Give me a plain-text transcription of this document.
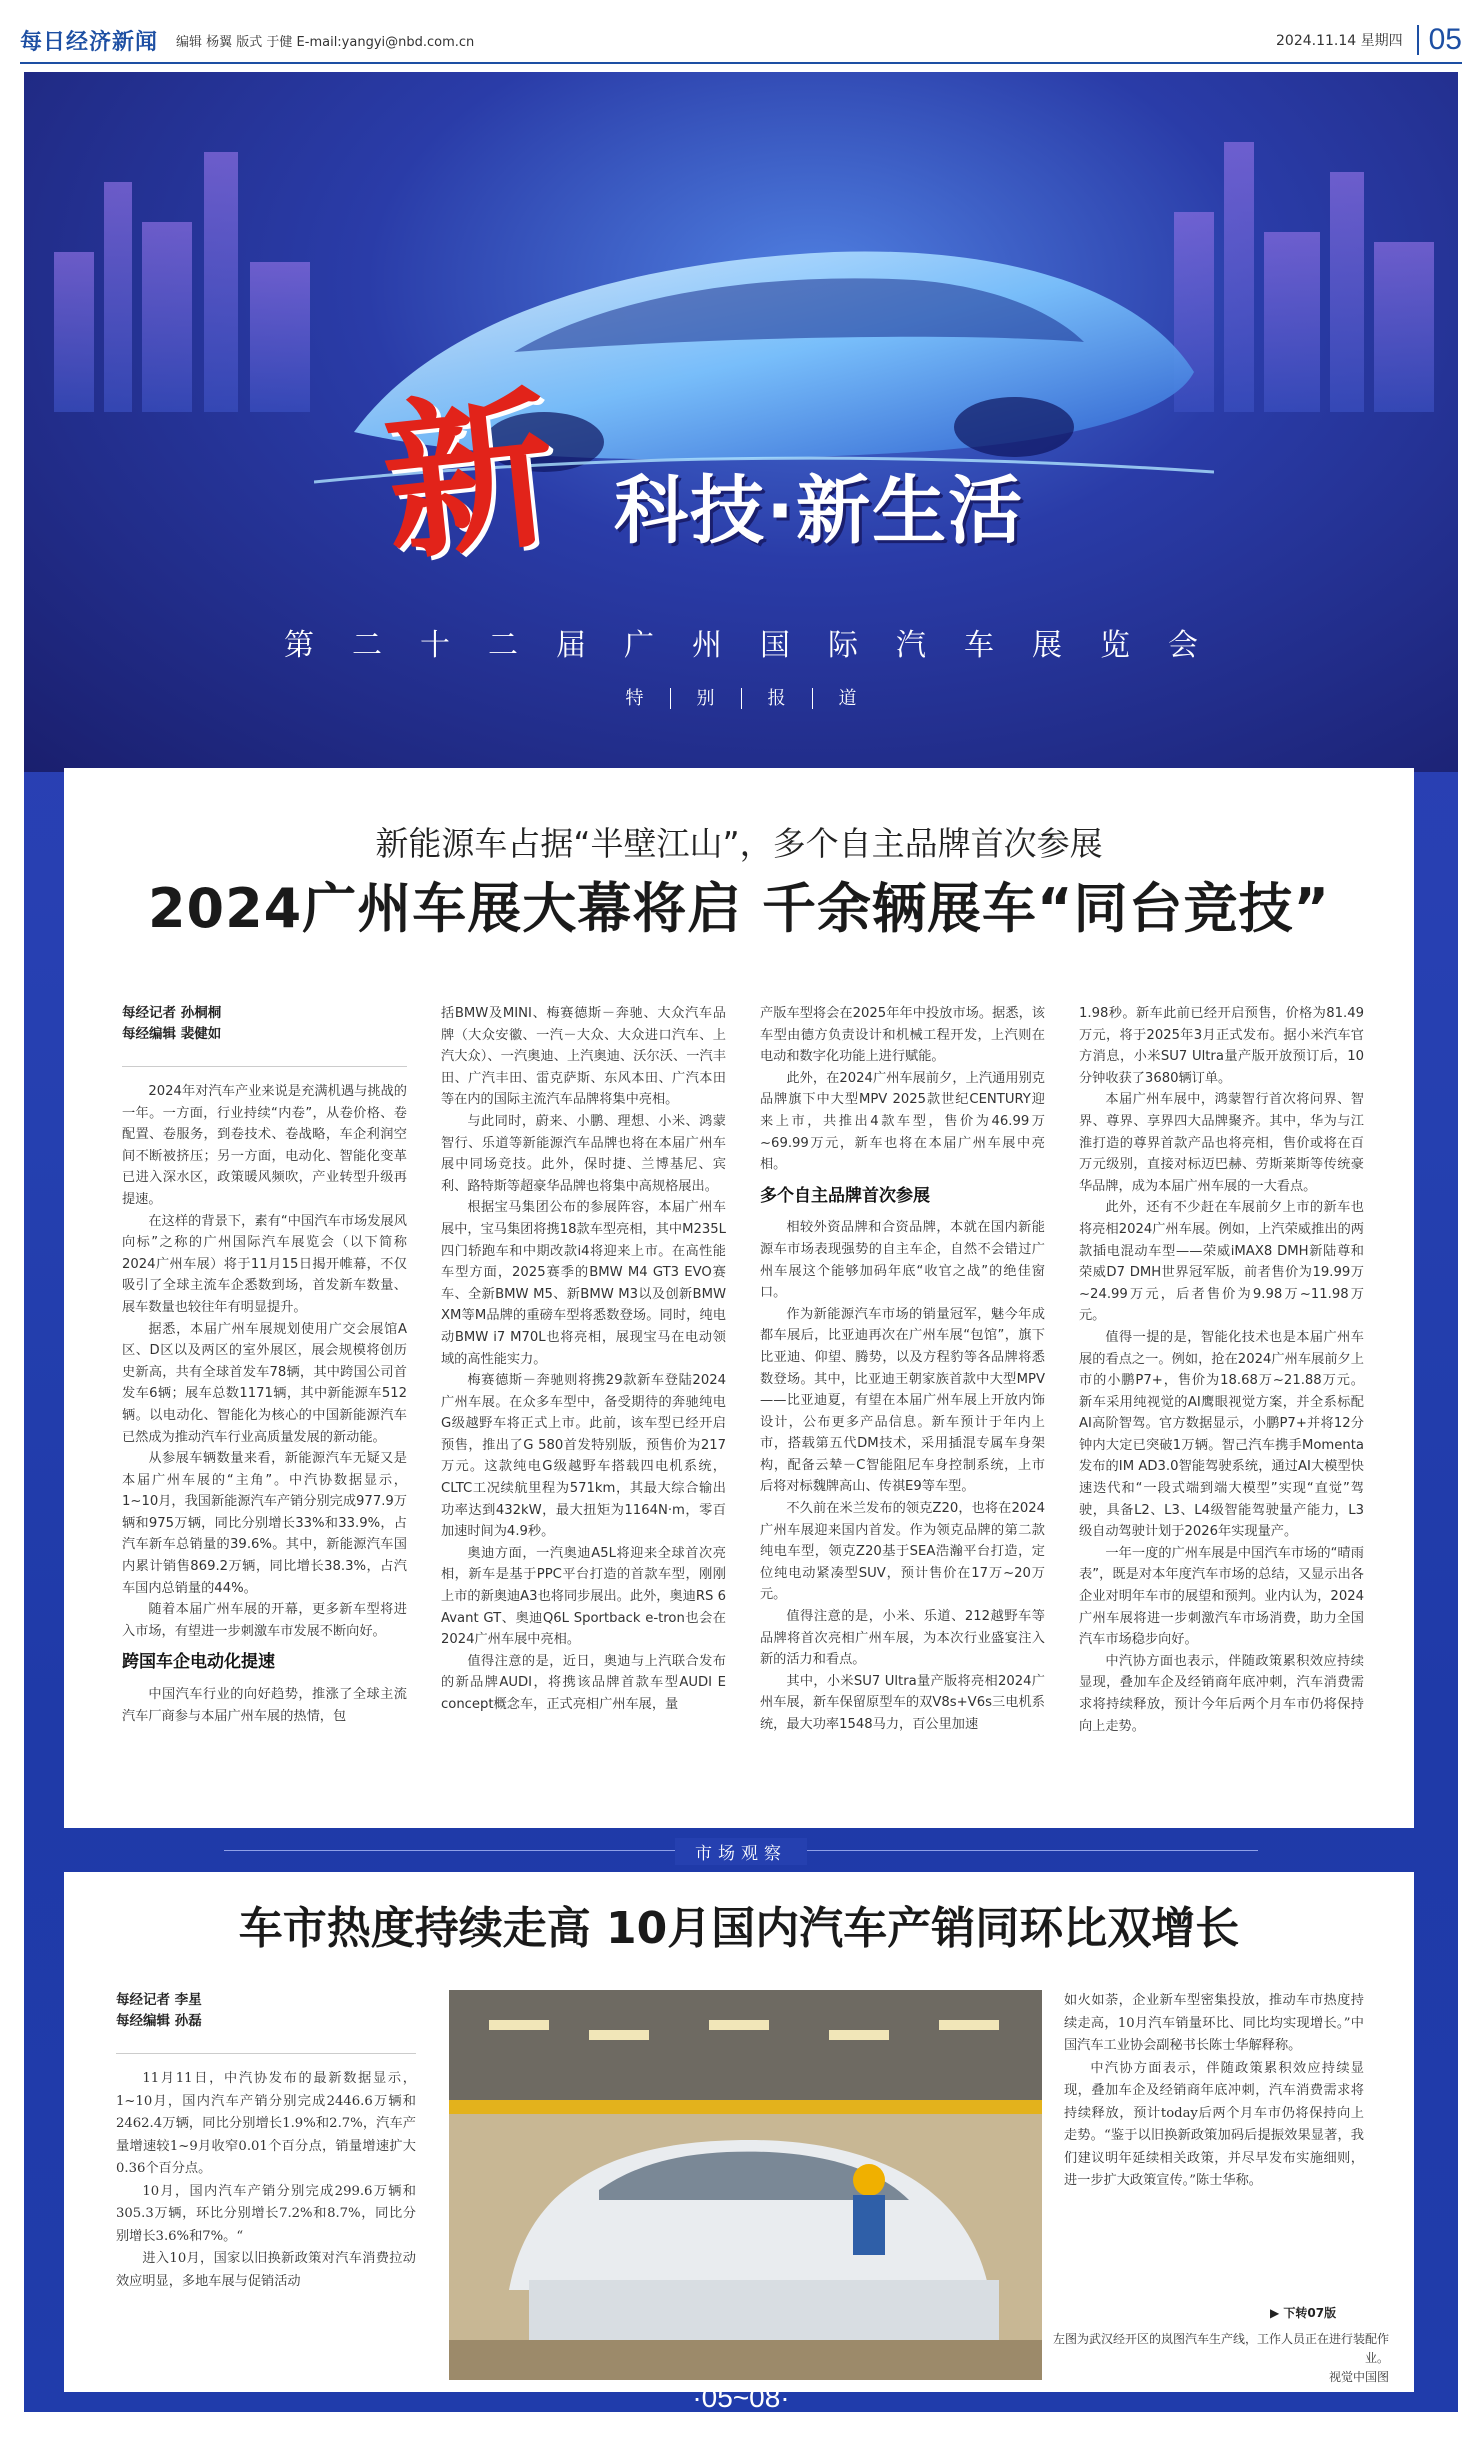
每日经济新闻 编辑 杨翼 版式 于健 E-mail:yangyi@nbd.com.cn	2024.11.14 星期四 05
新 科技·新生活
第二十二届广州国际汽车展览会
特	别	报	道
新能源车占据“半壁江山”，多个自主品牌首次参展
2024广州车展大幕将启 千余辆展车“同台竞技”

每经记者 孙桐桐

每经编辑 裴健如

2024年对汽车产业来说是充满机遇与挑战的一年。一方面，行业持续“内卷”，从卷价格、卷配置、卷服务，到卷技术、卷战略，车企利润空间不断被挤压；另一方面，电动化、智能化变革已进入深水区，政策暖风频吹，产业转型升级再提速。

在这样的背景下，素有“中国汽车市场发展风向标”之称的广州国际汽车展览会（以下简称2024广州车展）将于11月15日揭开帷幕，不仅吸引了全球主流车企悉数到场，首发新车数量、展车数量也较往年有明显提升。

据悉，本届广州车展规划使用广交会展馆A区、D区以及两区的室外展区，展会规模将创历史新高，共有全球首发车78辆，其中跨国公司首发车6辆；展车总数1171辆，其中新能源车512辆。以电动化、智能化为核心的中国新能源汽车已然成为推动汽车行业高质量发展的新动能。

从参展车辆数量来看，新能源汽车无疑又是本届广州车展的“主角”。中汽协数据显示，1~10月，我国新能源汽车产销分别完成977.9万辆和975万辆，同比分别增长33%和33.9%，占汽车新车总销量的39.6%。其中，新能源汽车国内累计销售869.2万辆，同比增长38.3%，占汽车国内总销量的44%。

随着本届广州车展的开幕，更多新车型将进入市场，有望进一步刺激车市发展不断向好。

跨国车企电动化提速

中国汽车行业的向好趋势，推涨了全球主流汽车厂商参与本届广州车展的热情，包

括BMW及MINI、梅赛德斯－奔驰、大众汽车品牌（大众安徽、一汽－大众、大众进口汽车、上汽大众）、一汽奥迪、上汽奥迪、沃尔沃、一汽丰田、广汽丰田、雷克萨斯、东风本田、广汽本田等在内的国际主流汽车品牌将集中亮相。

与此同时，蔚来、小鹏、理想、小米、鸿蒙智行、乐道等新能源汽车品牌也将在本届广州车展中同场竞技。此外，保时捷、兰博基尼、宾利、路特斯等超豪华品牌也将集中高规格展出。

根据宝马集团公布的参展阵容，本届广州车展中，宝马集团将携18款车型亮相，其中M235L四门轿跑车和中期改款i4将迎来上市。在高性能车型方面，2025赛季的BMW M4 GT3 EVO赛车、全新BMW M5、新BMW M3以及创新BMW XM等M品牌的重磅车型将悉数登场。同时，纯电动BMW i7 M70L也将亮相，展现宝马在电动领域的高性能实力。

梅赛德斯－奔驰则将携29款新车登陆2024广州车展。在众多车型中，备受期待的奔驰纯电G级越野车将正式上市。此前，该车型已经开启预售，推出了G 580首发特别版，预售价为217万元。这款纯电G级越野车搭载四电机系统，CLTC工况续航里程为571km，其最大综合输出功率达到432kW，最大扭矩为1164N·m，零百加速时间为4.9秒。

奥迪方面，一汽奥迪A5L将迎来全球首次亮相，新车是基于PPC平台打造的首款车型，刚刚上市的新奥迪A3也将同步展出。此外，奥迪RS 6 Avant GT、奥迪Q6L Sportback e-tron也会在2024广州车展中亮相。

值得注意的是，近日，奥迪与上汽联合发布的新品牌AUDI，将携该品牌首款车型AUDI E concept概念车，正式亮相广州车展，量

产版车型将会在2025年年中投放市场。据悉，该车型由德方负责设计和机械工程开发，上汽则在电动和数字化功能上进行赋能。

此外，在2024广州车展前夕，上汽通用别克品牌旗下中大型MPV 2025款世纪CENTURY迎来上市，共推出4款车型，售价为46.99万~69.99万元，新车也将在本届广州车展中亮相。

多个自主品牌首次参展

相较外资品牌和合资品牌，本就在国内新能源车市场表现强势的自主车企，自然不会错过广州车展这个能够加码年底“收官之战”的绝佳窗口。

作为新能源汽车市场的销量冠军，魅今年成都车展后，比亚迪再次在广州车展“包馆”，旗下比亚迪、仰望、腾势，以及方程豹等各品牌将悉数登场。其中，比亚迪王朝家族首款中大型MPV——比亚迪夏，有望在本届广州车展上开放内饰设计，公布更多产品信息。新车预计于年内上市，搭载第五代DM技术，采用插混专属车身架构，配备云辇－C智能阻尼车身控制系统，上市后将对标魏牌高山、传祺E9等车型。

不久前在米兰发布的领克Z20，也将在2024广州车展迎来国内首发。作为领克品牌的第二款纯电车型，领克Z20基于SEA浩瀚平台打造，定位纯电动紧凑型SUV，预计售价在17万~20万元。

值得注意的是，小米、乐道、212越野车等品牌将首次亮相广州车展，为本次行业盛宴注入新的活力和看点。

其中，小米SU7 Ultra量产版将亮相2024广州车展，新车保留原型车的双V8s+V6s三电机系统，最大功率1548马力，百公里加速

1.98秒。新车此前已经开启预售，价格为81.49万元，将于2025年3月正式发布。据小米汽车官方消息，小米SU7 Ultra量产版开放预订后，10分钟收获了3680辆订单。

本届广州车展中，鸿蒙智行首次将问界、智界、尊界、享界四大品牌聚齐。其中，华为与江淮打造的尊界首款产品也将亮相，售价或将在百万元级别，直接对标迈巴赫、劳斯莱斯等传统豪华品牌，成为本届广州车展的一大看点。

此外，还有不少赶在车展前夕上市的新车也将亮相2024广州车展。例如，上汽荣威推出的两款插电混动车型——荣威iMAX8 DMH新陆尊和荣威D7 DMH世界冠军版，前者售价为19.99万~24.99万元，后者售价为9.98万~11.98万元。

值得一提的是，智能化技术也是本届广州车展的看点之一。例如，抢在2024广州车展前夕上市的小鹏P7+，售价为18.68万~21.88万元。新车采用纯视觉的AI鹰眼视觉方案，并全系标配AI高阶智驾。官方数据显示，小鹏P7+并将12分钟内大定已突破1万辆。智己汽车携手Momenta发布的IM AD3.0智能驾驶系统，通过AI大模型快速迭代和“一段式端到端大模型”实现“直觉”驾驶，具备L2、L3、L4级智能驾驶量产能力，L3级自动驾驶计划于2026年实现量产。

一年一度的广州车展是中国汽车市场的“晴雨表”，既是对本年度汽车市场的总结，又显示出各企业对明年车市的展望和预判。业内认为，2024广州车展将进一步刺激汽车市场消费，助力全国汽车市场稳步向好。

中汽协方面也表示，伴随政策累积效应持续显现，叠加车企及经销商年底冲刺，汽车消费需求将持续释放，预计今年后两个月车市仍将保持向上走势。

市场观察
车市热度持续走高 10月国内汽车产销同环比双增长

每经记者 李星

每经编辑 孙磊

11月11日，中汽协发布的最新数据显示，1~10月，国内汽车产销分别完成2446.6万辆和2462.4万辆，同比分别增长1.9%和2.7%，汽车产量增速较1~9月收窄0.01个百分点，销量增速扩大0.36个百分点。

10月，国内汽车产销分别完成299.6万辆和305.3万辆，环比分别增长7.2%和8.7%，同比分别增长3.6%和7%。“

进入10月，国家以旧换新政策对汽车消费拉动效应明显，多地车展与促销活动

如火如荼，企业新车型密集投放，推动车市热度持续走高，10月汽车销量环比、同比均实现增长。”中国汽车工业协会副秘书长陈士华解释称。

中汽协方面表示，伴随政策累积效应持续显现，叠加车企及经销商年底冲刺，汽车消费需求将持续释放，预计today后两个月车市仍将保持向上走势。“鉴于以旧换新政策加码后提振效果显著，我们建议明年延续相关政策，并尽早发布实施细则，进一步扩大政策宣传。”陈士华称。

▶ 下转07版
左图为武汉经开区的岚图汽车生产线，工作人员正在进行装配作业。
视觉中国图
·05~08·
